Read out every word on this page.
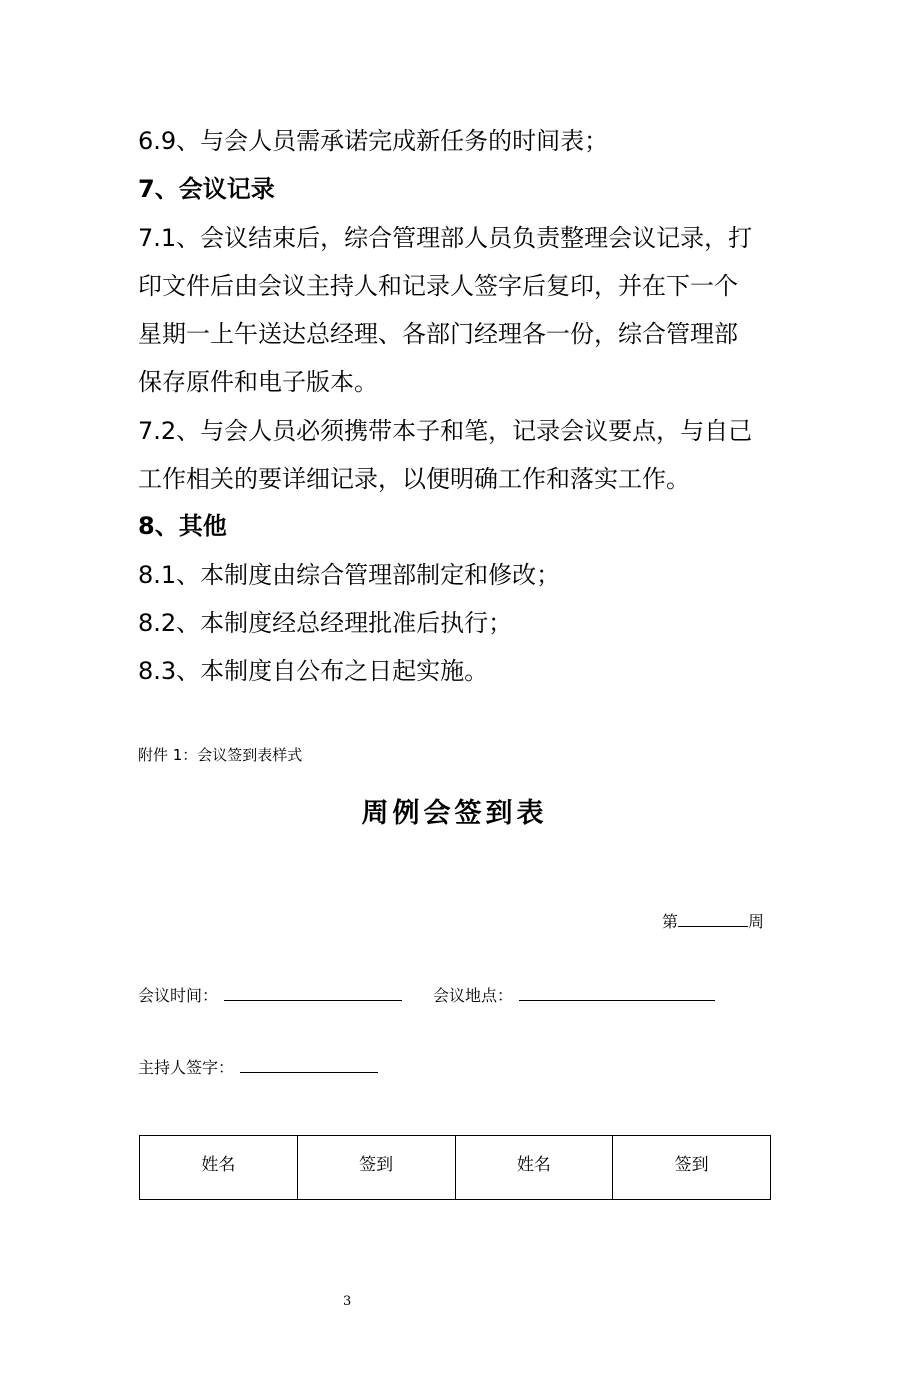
6.9、与会人员需承诺完成新任务的时间表；
7、会议记录
7.1、会议结束后，综合管理部人员负责整理会议记录，打
印文件后由会议主持人和记录人签字后复印，并在下一个
星期一上午送达总经理、各部门经理各一份，综合管理部
保存原件和电子版本。
7.2、与会人员必须携带本子和笔，记录会议要点，与自己
工作相关的要详细记录，以便明确工作和落实工作。
8、其他
8.1、本制度由综合管理部制定和修改；
8.2、本制度经总经理批准后执行；
8.3、本制度自公布之日起实施。
附件 1：会议签到表样式
周例会签到表
第	周
会议时间：	会议地点：
主持人签字：
姓名	签到	姓名	签到
3
